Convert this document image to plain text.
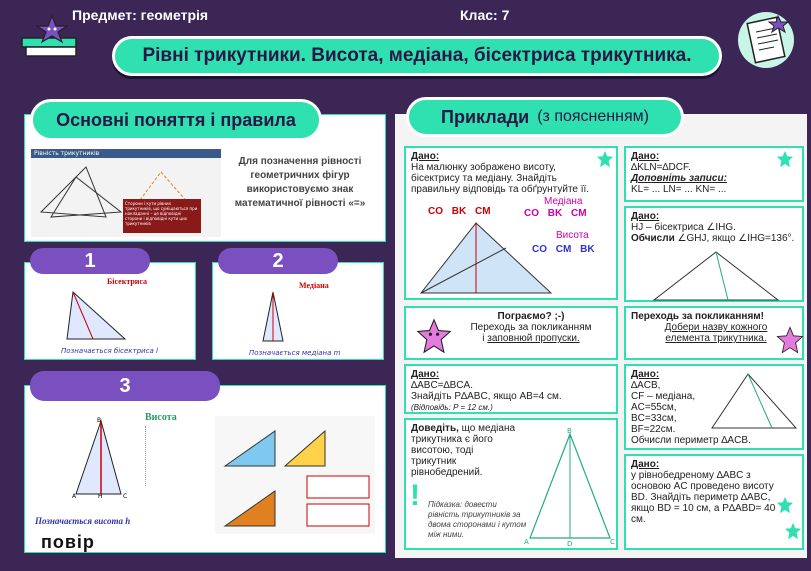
Предмет: геометрія	Клас: 7
Рівні трикутники. Висота, медіана, бісектриса трикутника.
Рівність трикутників
Сторони і кути рівних трикутників, що суміщаються при накладанні – це відповідні сторони і відповідні кути цих трикутників
Для позначення рівності геометричних фігур використовуємо знак математичної рівності «=»
Основні поняття і правила
Бісектриса
Позначається бісектриса l
1
Медіана
Позначається медіана m
2
B
A	C
H
Висота
Позначається висота h
повір
3
Приклади (з поясненням)
Дано:
На малюнку зображено висоту, бісектрису та медіану. Знайдіть правильну відповідь та обґрунтуйте її.
CO BK CM
Медіана
CO BK CM
Висота
CO CM BK
Дано:
∆KLN=∆DCF.
Доповніть записи:
KL= ... LN= ... KN= ...
Дано:
HJ – бісектриса ∠IHG.
Обчисли ∠GHJ, якщо ∠IHG=136°.
Пограємо? ;-)
Переходь за покликанням
і заповнюй пропуски.
Переходь за покликанням!
Добери назву кожного елемента трикутника.
Дано:
∆ABC=∆BCA.
Знайдіть P∆ABC, якщо AB=4 см.
(Відповідь: P = 12 см.)
Дано:
∆ACB,
CF – медіана,
AC=55см,
BC=33см,
BF=22см.
Обчисли периметр ∆ACB.
Доведіть, що медіана трикутника є його висотою, тоді трикутник рівнобедрений.
! Підказка: довести рівність трикутників за двома сторонами і кутом між ними.
B
A	D	C
Дано:
у рівнобедреному ∆ABC з основою AC проведено висоту BD. Знайдіть периметр ∆ABC, якщо BD = 10 см, а P∆ABD= 40 см.
